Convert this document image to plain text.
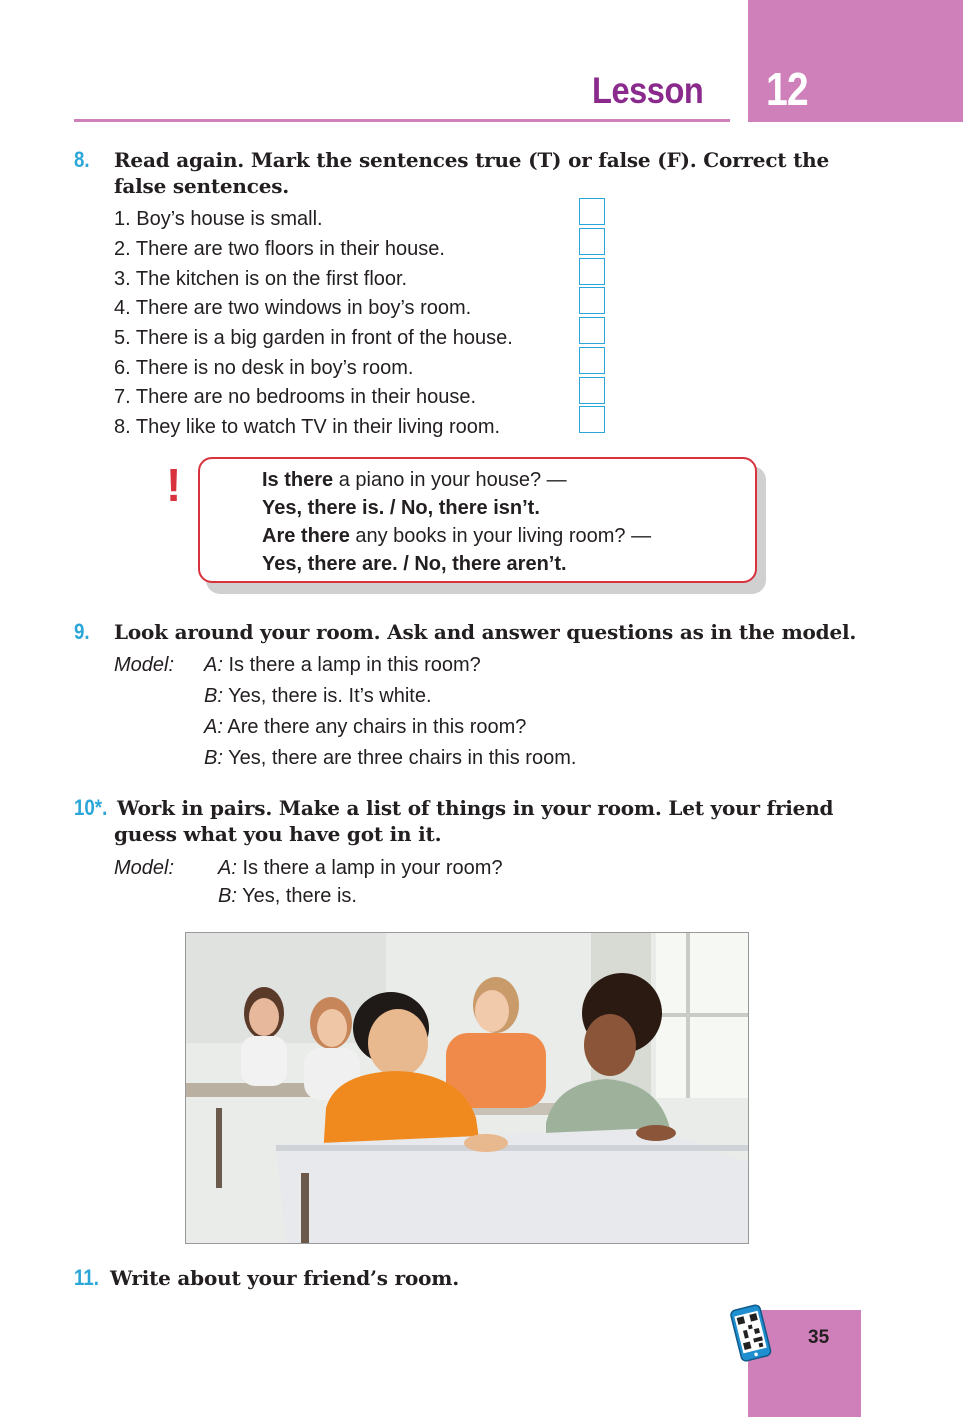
12
Lesson
8. Read again. Mark the sentences true (T) or false (F). Correct the false sentences.
1. Boy’s house is small.
2. There are two floors in their house.
3. The kitchen is on the first floor.
4. There are two windows in boy’s room.
5. There is a big garden in front of the house.
6. There is no desk in boy’s room.
7. There are no bedrooms in their house.
8. They like to watch TV in their living room.
!	Is there a piano in your house? —
Yes, there is. / No, there isn’t.
Are there any books in your living room? —
Yes, there are. / No, there aren’t.
9. Look around your room. Ask and answer questions as in the model.
Model: A: Is there a lamp in this room?
B: Yes, there is. It’s white.
A: Are there any chairs in this room?
B: Yes, there are three chairs in this room.
10*. Work in pairs. Make a list of things in your room. Let your friend
guess what you have got in it.
Model: A: Is there a lamp in your room?
B: Yes, there is.
11. Write about your friend’s room.
35
